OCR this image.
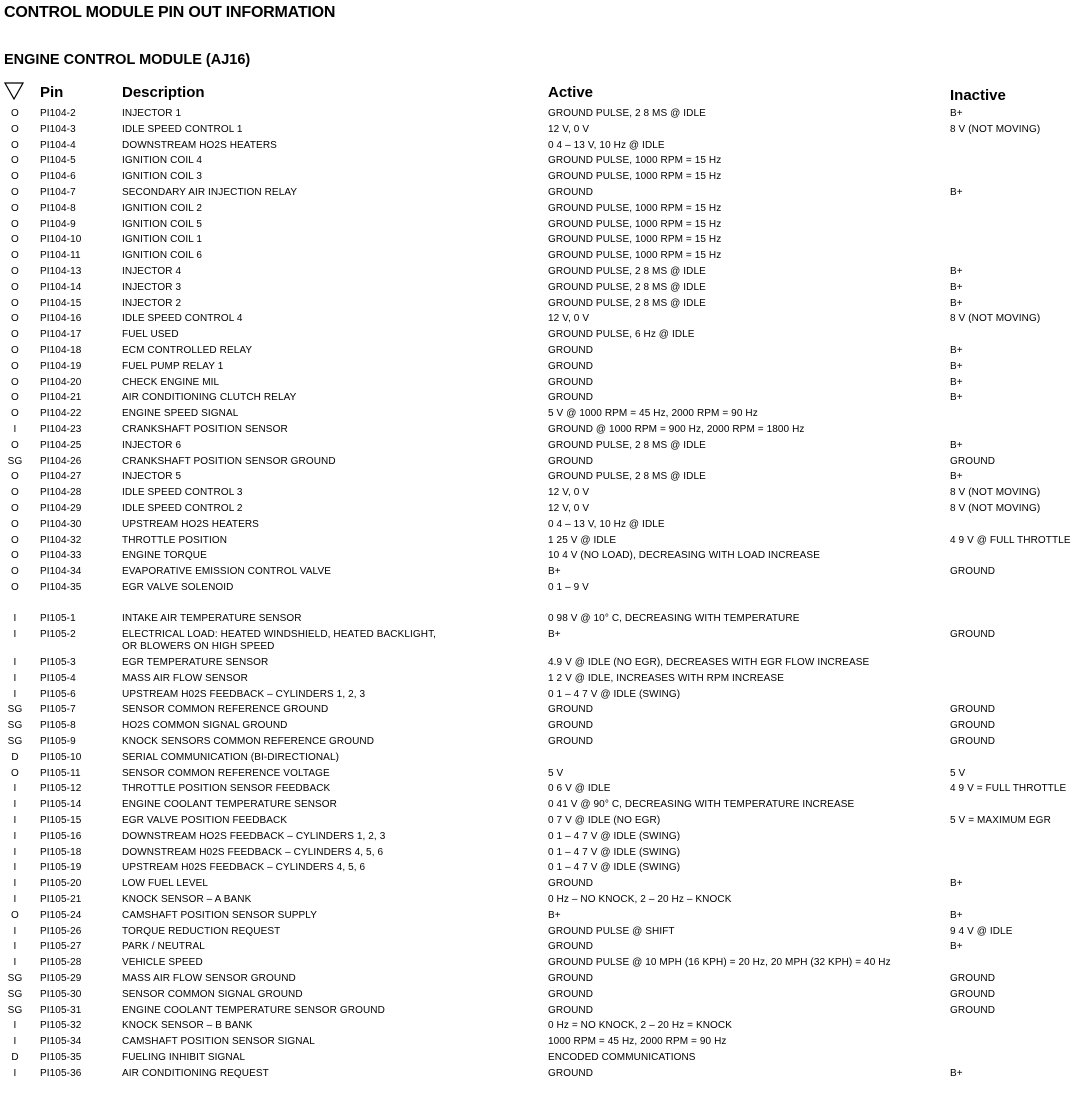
CONTROL MODULE PIN OUT INFORMATION
ENGINE CONTROL MODULE (AJ16)
Pin	Description	Active	Inactive
O	PI104-2	INJECTOR 1	GROUND PULSE, 2 8 MS @ IDLE	B+
O	PI104-3	IDLE SPEED CONTROL 1	12 V, 0 V	8 V (NOT MOVING)
O	PI104-4	DOWNSTREAM HO2S HEATERS	0 4 – 13 V, 10 Hz @ IDLE
O	PI104-5	IGNITION COIL 4	GROUND PULSE, 1000 RPM = 15 Hz
O	PI104-6	IGNITION COIL 3	GROUND PULSE, 1000 RPM = 15 Hz
O	PI104-7	SECONDARY AIR INJECTION RELAY	GROUND	B+
O	PI104-8	IGNITION COIL 2	GROUND PULSE, 1000 RPM = 15 Hz
O	PI104-9	IGNITION COIL 5	GROUND PULSE, 1000 RPM = 15 Hz
O	PI104-10	IGNITION COIL 1	GROUND PULSE, 1000 RPM = 15 Hz
O	PI104-11	IGNITION COIL 6	GROUND PULSE, 1000 RPM = 15 Hz
O	PI104-13	INJECTOR 4	GROUND PULSE, 2 8 MS @ IDLE	B+
O	PI104-14	INJECTOR 3	GROUND PULSE, 2 8 MS @ IDLE	B+
O	PI104-15	INJECTOR 2	GROUND PULSE, 2 8 MS @ IDLE	B+
O	PI104-16	IDLE SPEED CONTROL 4	12 V, 0 V	8 V (NOT MOVING)
O	PI104-17	FUEL USED	GROUND PULSE, 6 Hz @ IDLE
O	PI104-18	ECM CONTROLLED RELAY	GROUND	B+
O	PI104-19	FUEL PUMP RELAY 1	GROUND	B+
O	PI104-20	CHECK ENGINE MIL	GROUND	B+
O	PI104-21	AIR CONDITIONING CLUTCH RELAY	GROUND	B+
O	PI104-22	ENGINE SPEED SIGNAL	5 V @ 1000 RPM = 45 Hz, 2000 RPM = 90 Hz
I	PI104-23	CRANKSHAFT POSITION SENSOR	GROUND @ 1000 RPM = 900 Hz, 2000 RPM = 1800 Hz
O	PI104-25	INJECTOR 6	GROUND PULSE, 2 8 MS @ IDLE	B+
SG	PI104-26	CRANKSHAFT POSITION SENSOR GROUND	GROUND	GROUND
O	PI104-27	INJECTOR 5	GROUND PULSE, 2 8 MS @ IDLE	B+
O	PI104-28	IDLE SPEED CONTROL 3	12 V, 0 V	8 V (NOT MOVING)
O	PI104-29	IDLE SPEED CONTROL 2	12 V, 0 V	8 V (NOT MOVING)
O	PI104-30	UPSTREAM HO2S HEATERS	0 4 – 13 V, 10 Hz @ IDLE
O	PI104-32	THROTTLE POSITION	1 25 V @ IDLE	4 9 V @ FULL THROTTLE
O	PI104-33	ENGINE TORQUE	10 4 V (NO LOAD), DECREASING WITH LOAD INCREASE
O	PI104-34	EVAPORATIVE EMISSION CONTROL VALVE	B+	GROUND
O	PI104-35	EGR VALVE SOLENOID	0 1 – 9 V
I	PI105-1	INTAKE AIR TEMPERATURE SENSOR	0 98 V @ 10° C, DECREASING WITH TEMPERATURE
I	PI105-2	ELECTRICAL LOAD: HEATED WINDSHIELD, HEATED BACKLIGHT,	B+	GROUND
OR BLOWERS ON HIGH SPEED
I	PI105-3	EGR TEMPERATURE SENSOR	4.9 V @ IDLE (NO EGR), DECREASES WITH EGR FLOW INCREASE
I	PI105-4	MASS AIR FLOW SENSOR	1 2 V @ IDLE, INCREASES WITH RPM INCREASE
I	PI105-6	UPSTREAM H02S FEEDBACK – CYLINDERS 1, 2, 3	0 1 – 4 7 V @ IDLE (SWING)
SG	PI105-7	SENSOR COMMON REFERENCE GROUND	GROUND	GROUND
SG	PI105-8	HO2S COMMON SIGNAL GROUND	GROUND	GROUND
SG	PI105-9	KNOCK SENSORS COMMON REFERENCE GROUND	GROUND	GROUND
D	PI105-10	SERIAL COMMUNICATION (BI-DIRECTIONAL)
O	PI105-11	SENSOR COMMON REFERENCE VOLTAGE	5 V	5 V
I	PI105-12	THROTTLE POSITION SENSOR FEEDBACK	0 6 V @ IDLE	4 9 V = FULL THROTTLE
I	PI105-14	ENGINE COOLANT TEMPERATURE SENSOR	0 41 V @ 90° C, DECREASING WITH TEMPERATURE INCREASE
I	PI105-15	EGR VALVE POSITION FEEDBACK	0 7 V @ IDLE (NO EGR)	5 V = MAXIMUM EGR
I	PI105-16	DOWNSTREAM HO2S FEEDBACK – CYLINDERS 1, 2, 3	0 1 – 4 7 V @ IDLE (SWING)
I	PI105-18	DOWNSTREAM H02S FEEDBACK – CYLINDERS 4, 5, 6	0 1 – 4 7 V @ IDLE (SWING)
I	PI105-19	UPSTREAM H02S FEEDBACK – CYLINDERS 4, 5, 6	0 1 – 4 7 V @ IDLE (SWING)
I	PI105-20	LOW FUEL LEVEL	GROUND	B+
I	PI105-21	KNOCK SENSOR – A BANK	0 Hz – NO KNOCK, 2 – 20 Hz – KNOCK
O	PI105-24	CAMSHAFT POSITION SENSOR SUPPLY	B+	B+
I	PI105-26	TORQUE REDUCTION REQUEST	GROUND PULSE @ SHIFT	9 4 V @ IDLE
I	PI105-27	PARK / NEUTRAL	GROUND	B+
I	PI105-28	VEHICLE SPEED	GROUND PULSE @ 10 MPH (16 KPH) = 20 Hz, 20 MPH (32 KPH) = 40 Hz
SG	PI105-29	MASS AIR FLOW SENSOR GROUND	GROUND	GROUND
SG	PI105-30	SENSOR COMMON SIGNAL GROUND	GROUND	GROUND
SG	PI105-31	ENGINE COOLANT TEMPERATURE SENSOR GROUND	GROUND	GROUND
I	PI105-32	KNOCK SENSOR – B BANK	0 Hz = NO KNOCK, 2 – 20 Hz = KNOCK
I	PI105-34	CAMSHAFT POSITION SENSOR SIGNAL	1000 RPM = 45 Hz, 2000 RPM = 90 Hz
D	PI105-35	FUELING INHIBIT SIGNAL	ENCODED COMMUNICATIONS
I	PI105-36	AIR CONDITIONING REQUEST	GROUND	B+
